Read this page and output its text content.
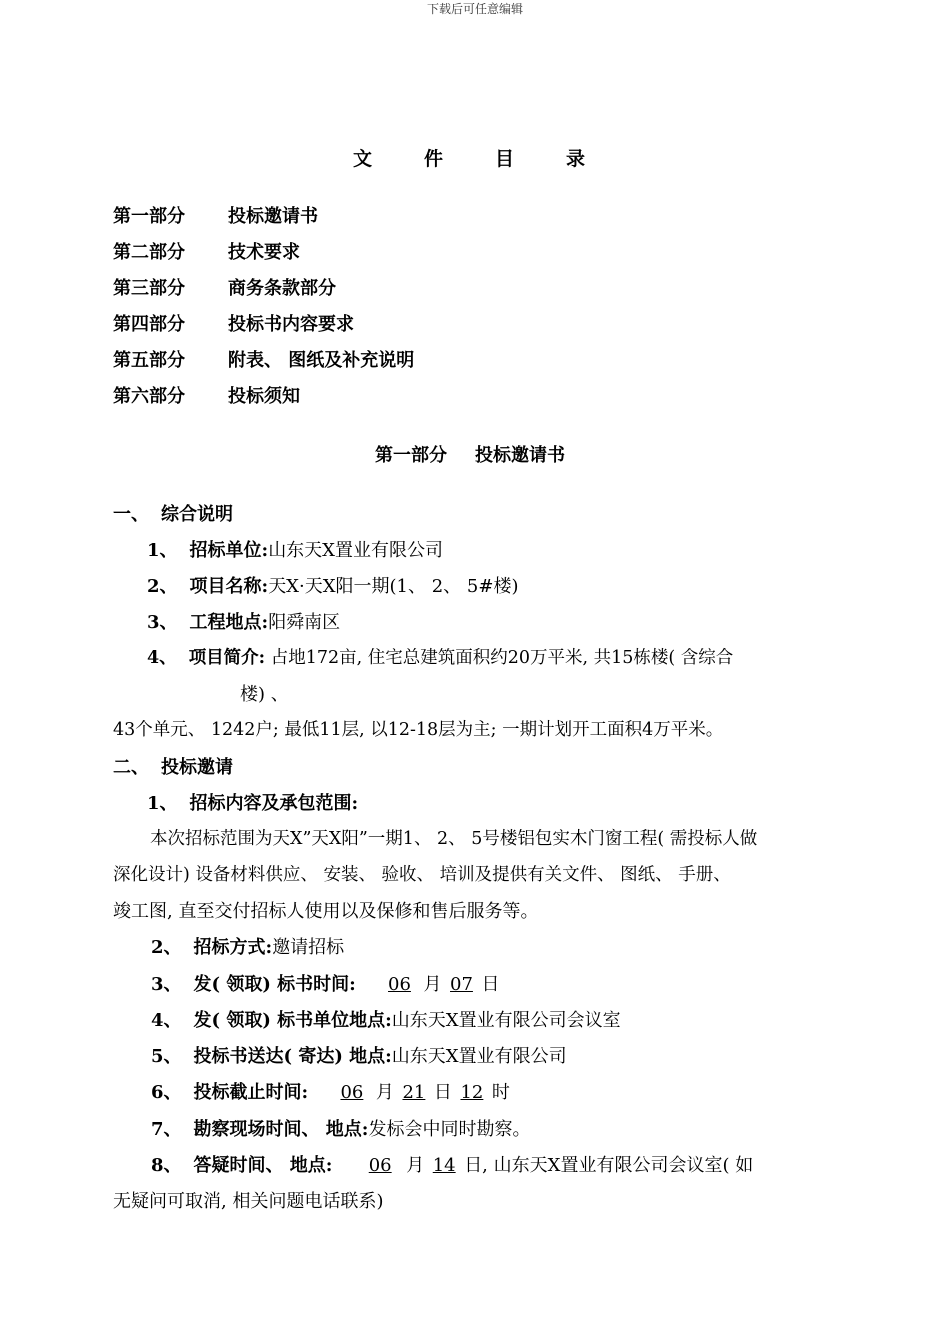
下载后可任意编辑
文	件	目	录
第一部分 投标邀请书
第二部分 技术要求
第三部分 商务条款部分
第四部分 投标书内容要求
第五部分 附表、 图纸及补充说明
第六部分 投标须知
第一部分 投标邀请书
一、 综合说明
1、 招标单位:山东天X置业有限公司
2、 项目名称:天X·天X阳一期(1、 2、 5#楼)
3、 工程地点:阳舜南区
4、 项目简介: 占地172亩, 住宅总建筑面积约20万平米, 共15栋楼( 含综合
楼) 、
43个单元、 1242户; 最低11层, 以12-18层为主; 一期计划开工面积4万平米。
二、 投标邀请
1、 招标内容及承包范围:
本次招标范围为天X”天X阳”一期1、 2、 5号楼铝包实木门窗工程( 需投标人做
深化设计) 设备材料供应、 安装、 验收、 培训及提供有关文件、 图纸、 手册、
竣工图, 直至交付招标人使用以及保修和售后服务等。
2、 招标方式:邀请招标
3、 发( 领取) 标书时间: 06 月 07 日
4、 发( 领取) 标书单位地点:山东天X置业有限公司会议室
5、 投标书送达( 寄达) 地点:山东天X置业有限公司
6、 投标截止时间: 06 月 21 日 12 时
7、 勘察现场时间、 地点:发标会中同时勘察。
8、 答疑时间、 地点: 06 月 14 日, 山东天X置业有限公司会议室( 如
无疑问可取消, 相关问题电话联系)
